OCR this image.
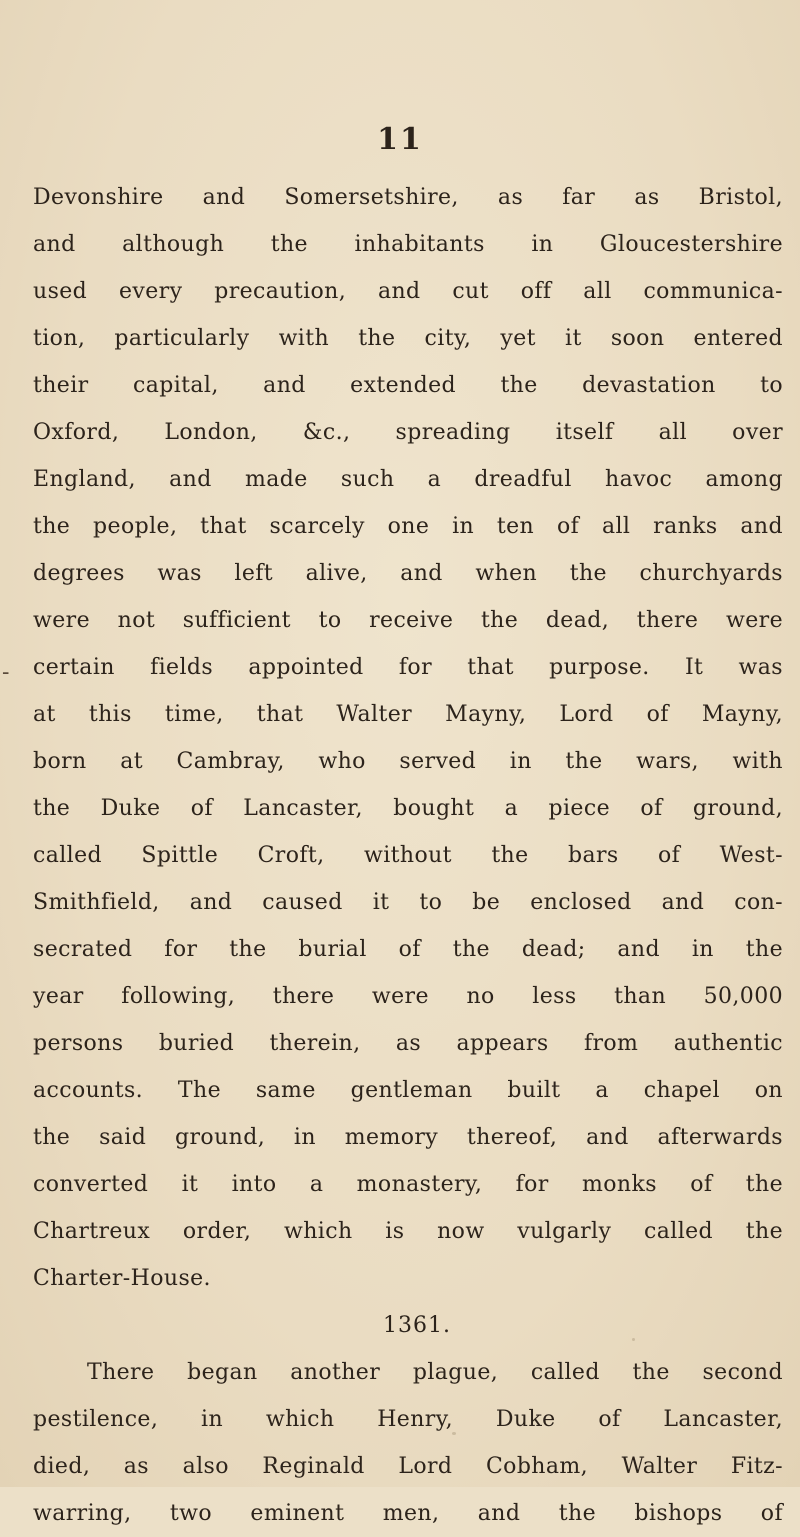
11
-
Devonshire and Somersetshire, as far as Bristol,
and although the inhabitants in Gloucestershire
used every precaution, and cut off all communica-
tion, particularly with the city, yet it soon entered
their capital, and extended the devastation to
Oxford, London, &c., spreading itself all over
England, and made such a dreadful havoc among
the people, that scarcely one in ten of all ranks and
degrees was left alive, and when the churchyards
were not sufficient to receive the dead, there were
certain fields appointed for that purpose. It was
at this time, that Walter Mayny, Lord of Mayny,
born at Cambray, who served in the wars, with
the Duke of Lancaster, bought a piece of ground,
called Spittle Croft, without the bars of West-
Smithfield, and caused it to be enclosed and con-
secrated for the burial of the dead; and in the
year following, there were no less than 50,000
persons buried therein, as appears from authentic
accounts. The same gentleman built a chapel on
the said ground, in memory thereof, and afterwards
converted it into a monastery, for monks of the
Chartreux order, which is now vulgarly called the
Charter-House.
1361.
There began another plague, called the second
pestilence, in which Henry, Duke of Lancaster,
died, as also Reginald Lord Cobham, Walter Fitz-
warring, two eminent men, and the bishops of
